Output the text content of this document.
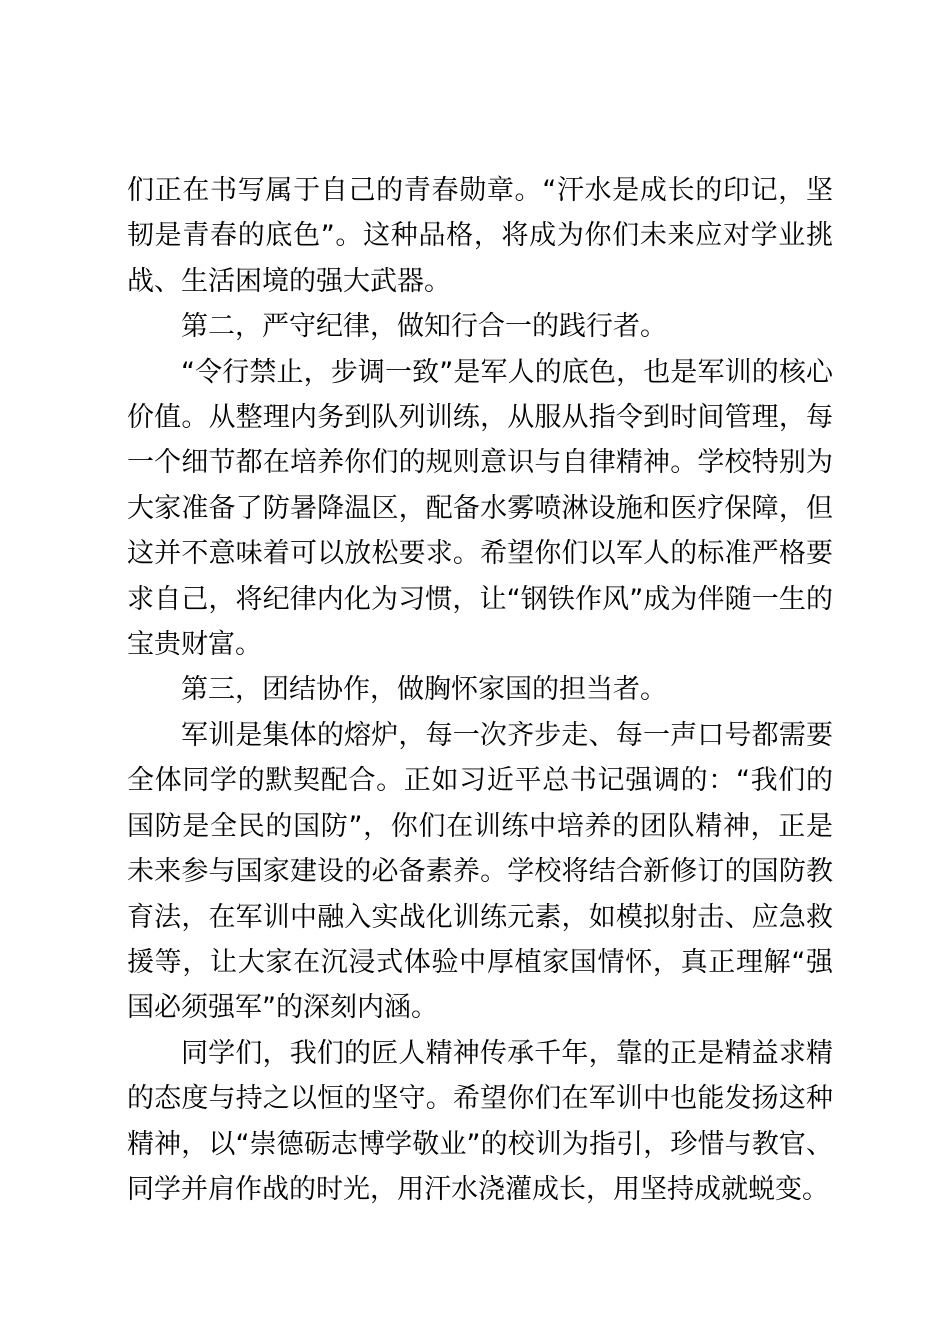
们正在书写属于自己的青春勋章。“汗水是成长的印记，坚韧是青春的底色”。这种品格，将成为你们未来应对学业挑战、生活困境的强大武器。

第二，严守纪律，做知行合一的践行者。

“令行禁止，步调一致”是军人的底色，也是军训的核心价值。从整理内务到队列训练，从服从指令到时间管理，每一个细节都在培养你们的规则意识与自律精神。学校特别为大家准备了防暑降温区，配备水雾喷淋设施和医疗保障，但这并不意味着可以放松要求。希望你们以军人的标准严格要求自己，将纪律内化为习惯，让“钢铁作风”成为伴随一生的宝贵财富。

第三，团结协作，做胸怀家国的担当者。

军训是集体的熔炉，每一次齐步走、每一声口号都需要全体同学的默契配合。正如习近平总书记强调的：“我们的国防是全民的国防”，你们在训练中培养的团队精神，正是未来参与国家建设的必备素养。学校将结合新修订的国防教育法，在军训中融入实战化训练元素，如模拟射击、应急救援等，让大家在沉浸式体验中厚植家国情怀，真正理解“强国必须强军”的深刻内涵。

同学们，我们的匠人精神传承千年，靠的正是精益求精的态度与持之以恒的坚守。希望你们在军训中也能发扬这种精神，以“崇德砺志博学敬业”的校训为指引，珍惜与教官、同学并肩作战的时光，用汗水浇灌成长，用坚持成就蜕变。
